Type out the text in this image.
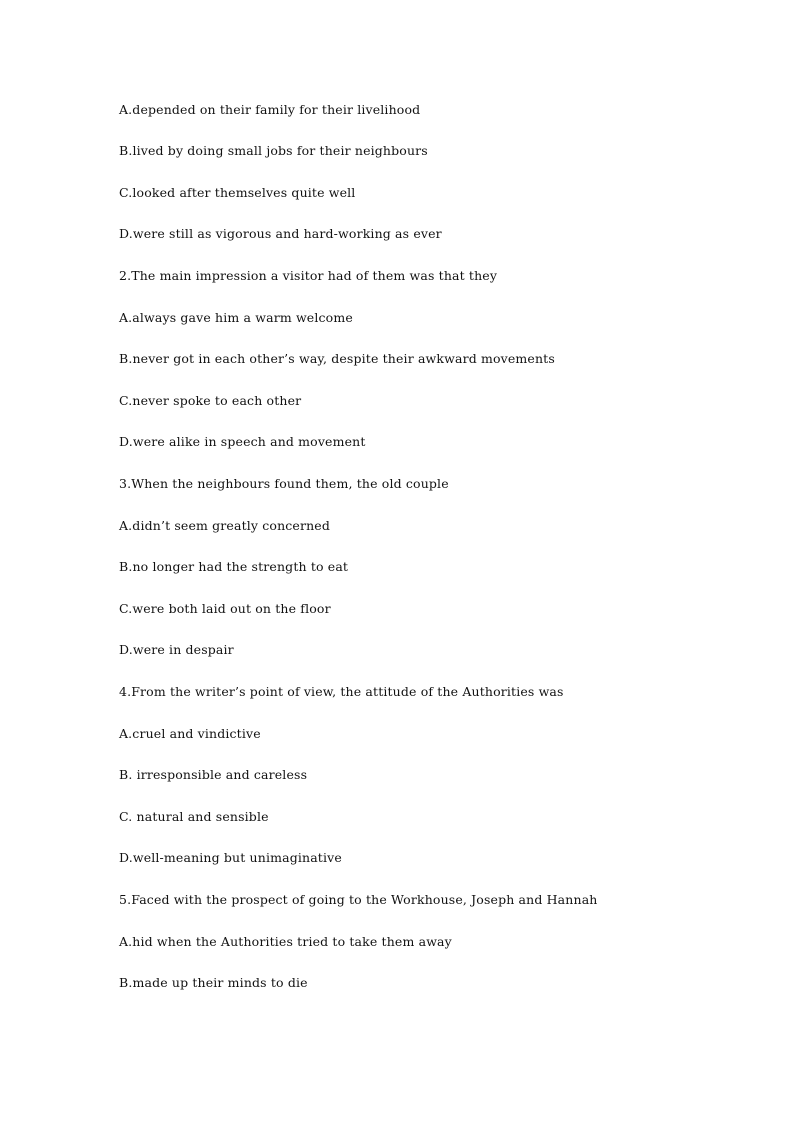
A.depended on their family for their livelihood
B.lived by doing small jobs for their neighbours
C.looked after themselves quite well
D.were still as vigorous and hard-working as ever
2.The main impression a visitor had of them was that they
A.always gave him a warm welcome
B.never got in each other’s way, despite their awkward movements
C.never spoke to each other
D.were alike in speech and movement
3.When the neighbours found them, the old couple
A.didn’t seem greatly concerned
B.no longer had the strength to eat
C.were both laid out on the floor
D.were in despair
4.From the writer’s point of view, the attitude of the Authorities was
A.cruel and vindictive
B. irresponsible and careless
C. natural and sensible
D.well-meaning but unimaginative
5.Faced with the prospect of going to the Workhouse, Joseph and Hannah
A.hid when the Authorities tried to take them away
B.made up their minds to die
